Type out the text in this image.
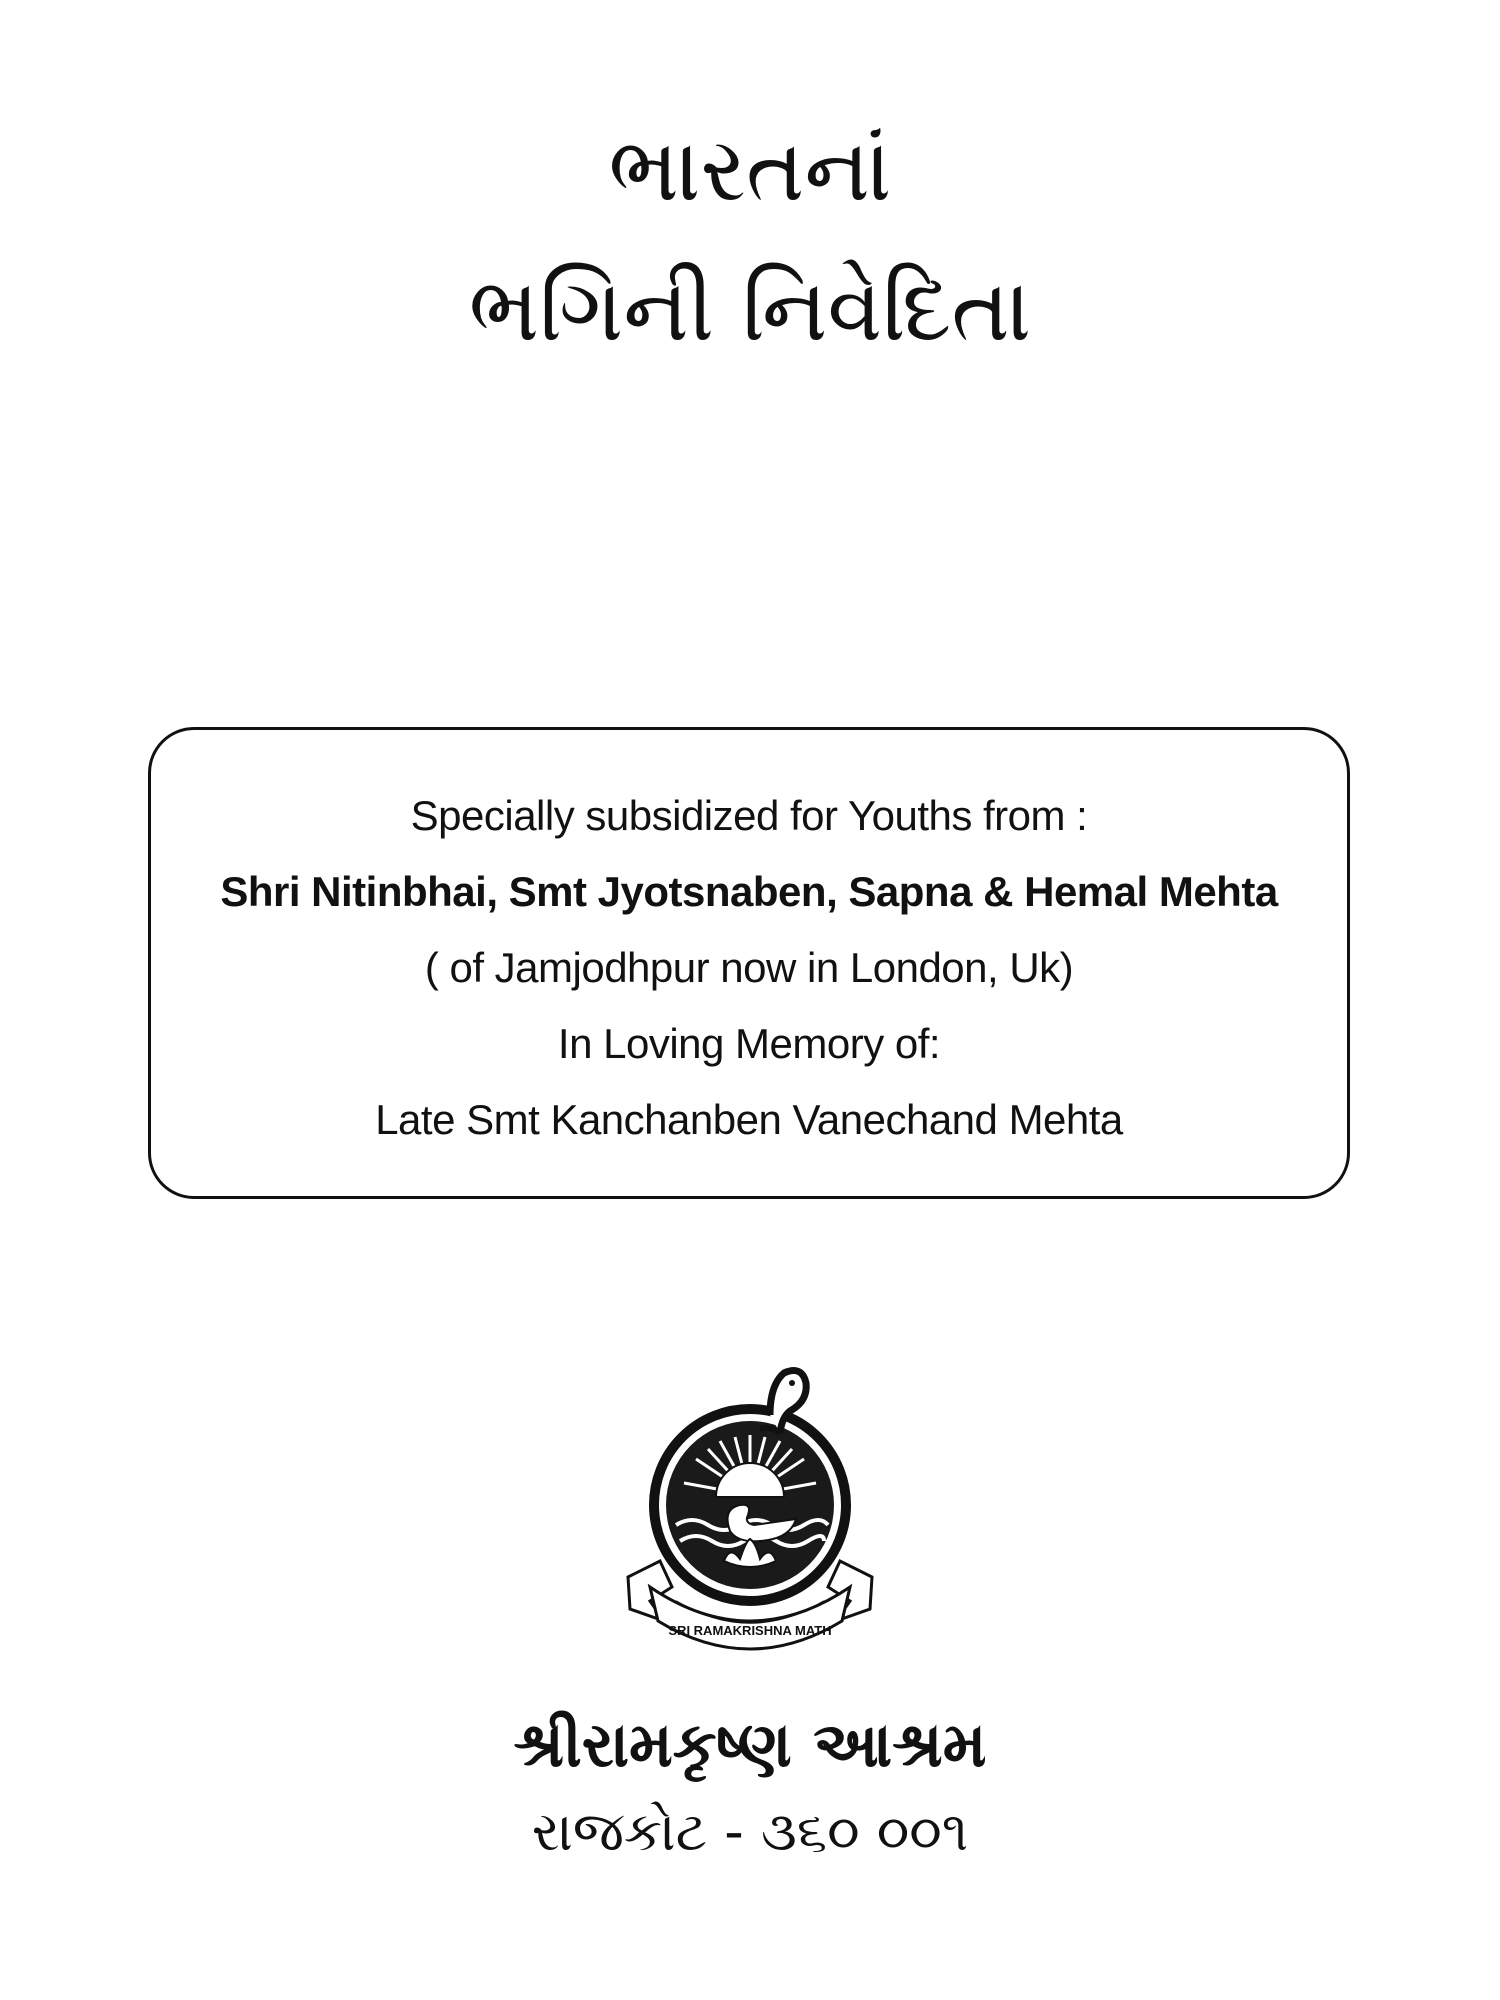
ભારતનાં
ભગિની નિવેદિતા
Specially subsidized for Youths from :
Shri Nitinbhai, Smt Jyotsnaben, Sapna & Hemal Mehta
( of Jamjodhpur now in London, Uk)
In Loving Memory of:
Late Smt Kanchanben Vanechand Mehta
SRI RAMAKRISHNA MATH
શ્રીરામકૃષ્ણ આશ્રમ
રાજકોટ - ૩૬૦ ૦૦૧
